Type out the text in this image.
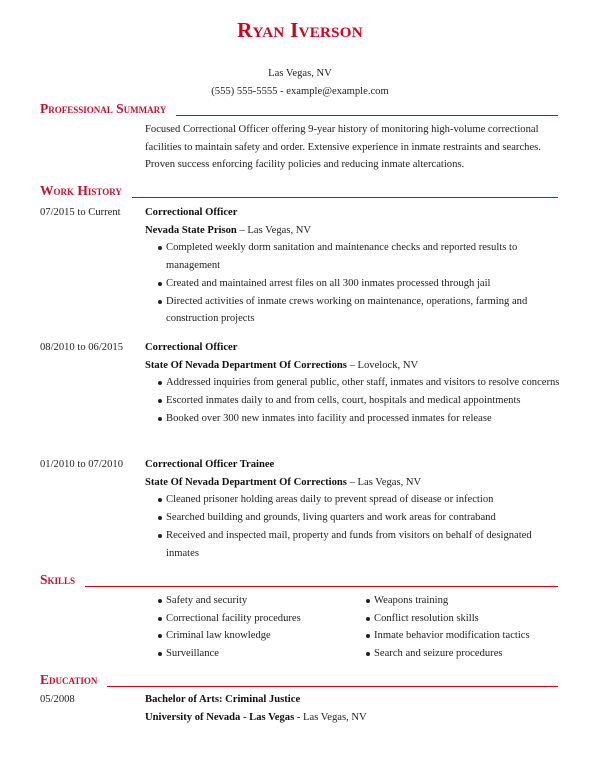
Ryan Iverson
Las Vegas, NV
(555) 555-5555 - example@example.com
Professional Summary
Focused Correctional Officer offering 9-year history of monitoring high-volume correctional
facilities to maintain safety and order. Extensive experience in inmate restraints and searches.
Proven success enforcing facility policies and reducing inmate altercations.
Work History
07/2015 to Current Correctional Officer
Nevada State Prison – Las Vegas, NV
Completed weekly dorm sanitation and maintenance checks and reported results to management
Created and maintained arrest files on all 300 inmates processed through jail
Directed activities of inmate crews working on maintenance, operations, farming and construction projects
08/2010 to 06/2015 Correctional Officer
State Of Nevada Department Of Corrections – Lovelock, NV
Addressed inquiries from general public, other staff, inmates and visitors to resolve concerns
Escorted inmates daily to and from cells, court, hospitals and medical appointments
Booked over 300 new inmates into facility and processed inmates for release
01/2010 to 07/2010 Correctional Officer Trainee
State Of Nevada Department Of Corrections – Las Vegas, NV
Cleaned prisoner holding areas daily to prevent spread of disease or infection
Searched building and grounds, living quarters and work areas for contraband
Received and inspected mail, property and funds from visitors on behalf of designated inmates
Skills
Safety and security
Correctional facility procedures
Criminal law knowledge
Surveillance
Weapons training
Conflict resolution skills
Inmate behavior modification tactics
Search and seizure procedures
Education
05/2008	Bachelor of Arts: Criminal Justice
University of Nevada - Las Vegas - Las Vegas, NV
